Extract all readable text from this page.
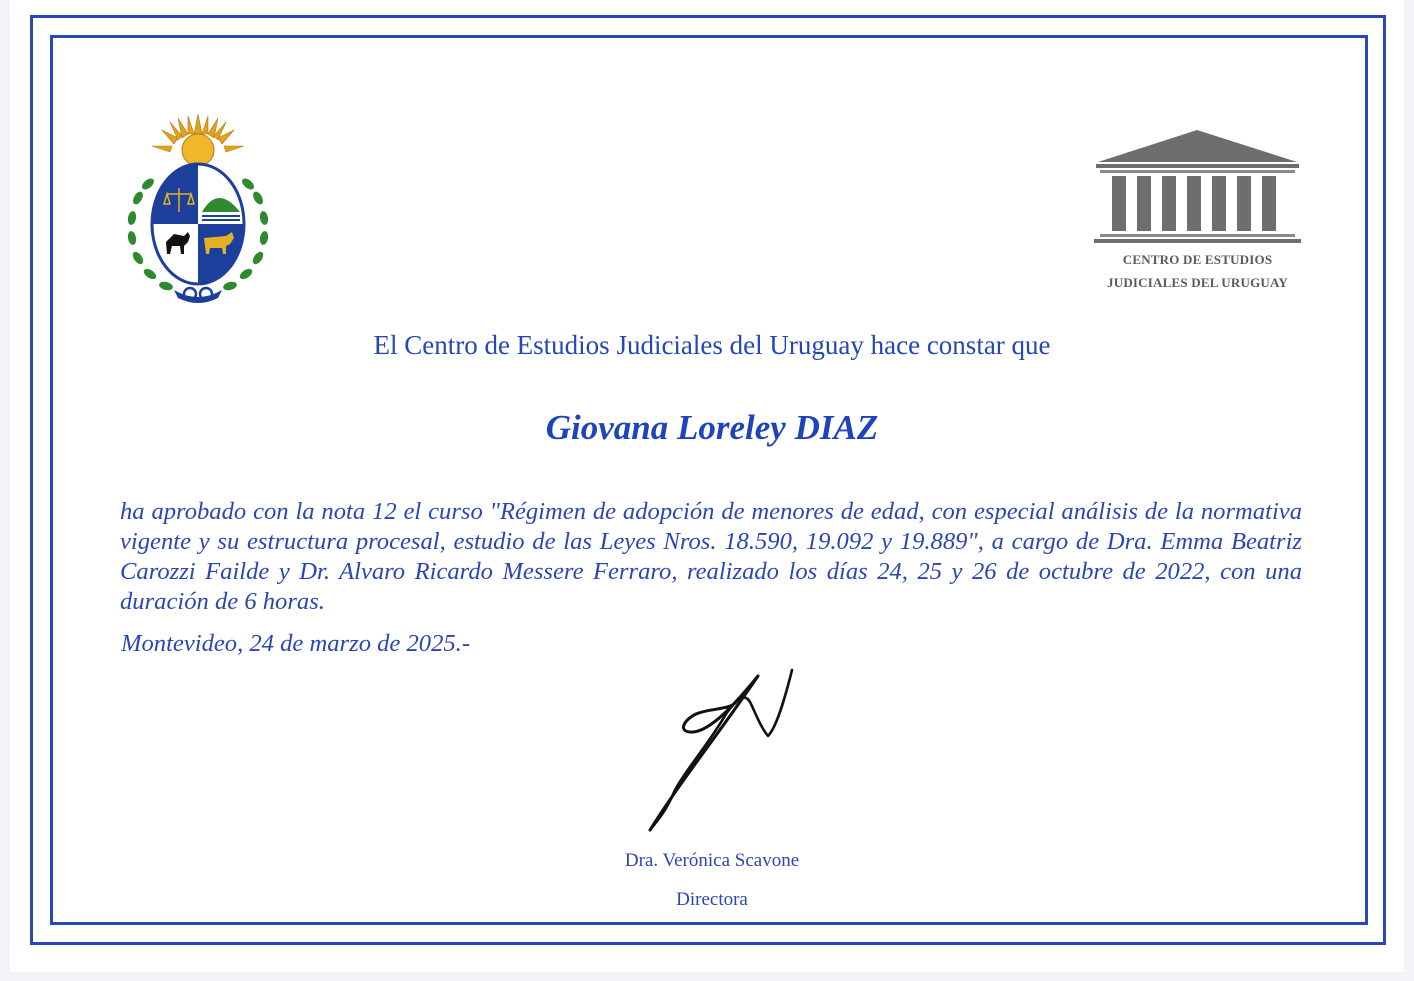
CENTRO DE ESTUDIOS
JUDICIALES DEL URUGUAY
El Centro de Estudios Judiciales del Uruguay hace constar que
Giovana Loreley DIAZ
ha aprobado con la nota 12 el curso "Régimen de adopción de menores de edad, con especial análisis de la normativa vigente y su estructura procesal, estudio de las Leyes Nros. 18.590, 19.092 y 19.889", a cargo de Dra. Emma Beatriz Carozzi Failde y Dr. Alvaro Ricardo Messere Ferraro, realizado los días 24, 25 y 26 de octubre de 2022, con una duración de 6 horas.
Montevideo, 24 de marzo de 2025.-
Dra. Verónica Scavone
Directora
